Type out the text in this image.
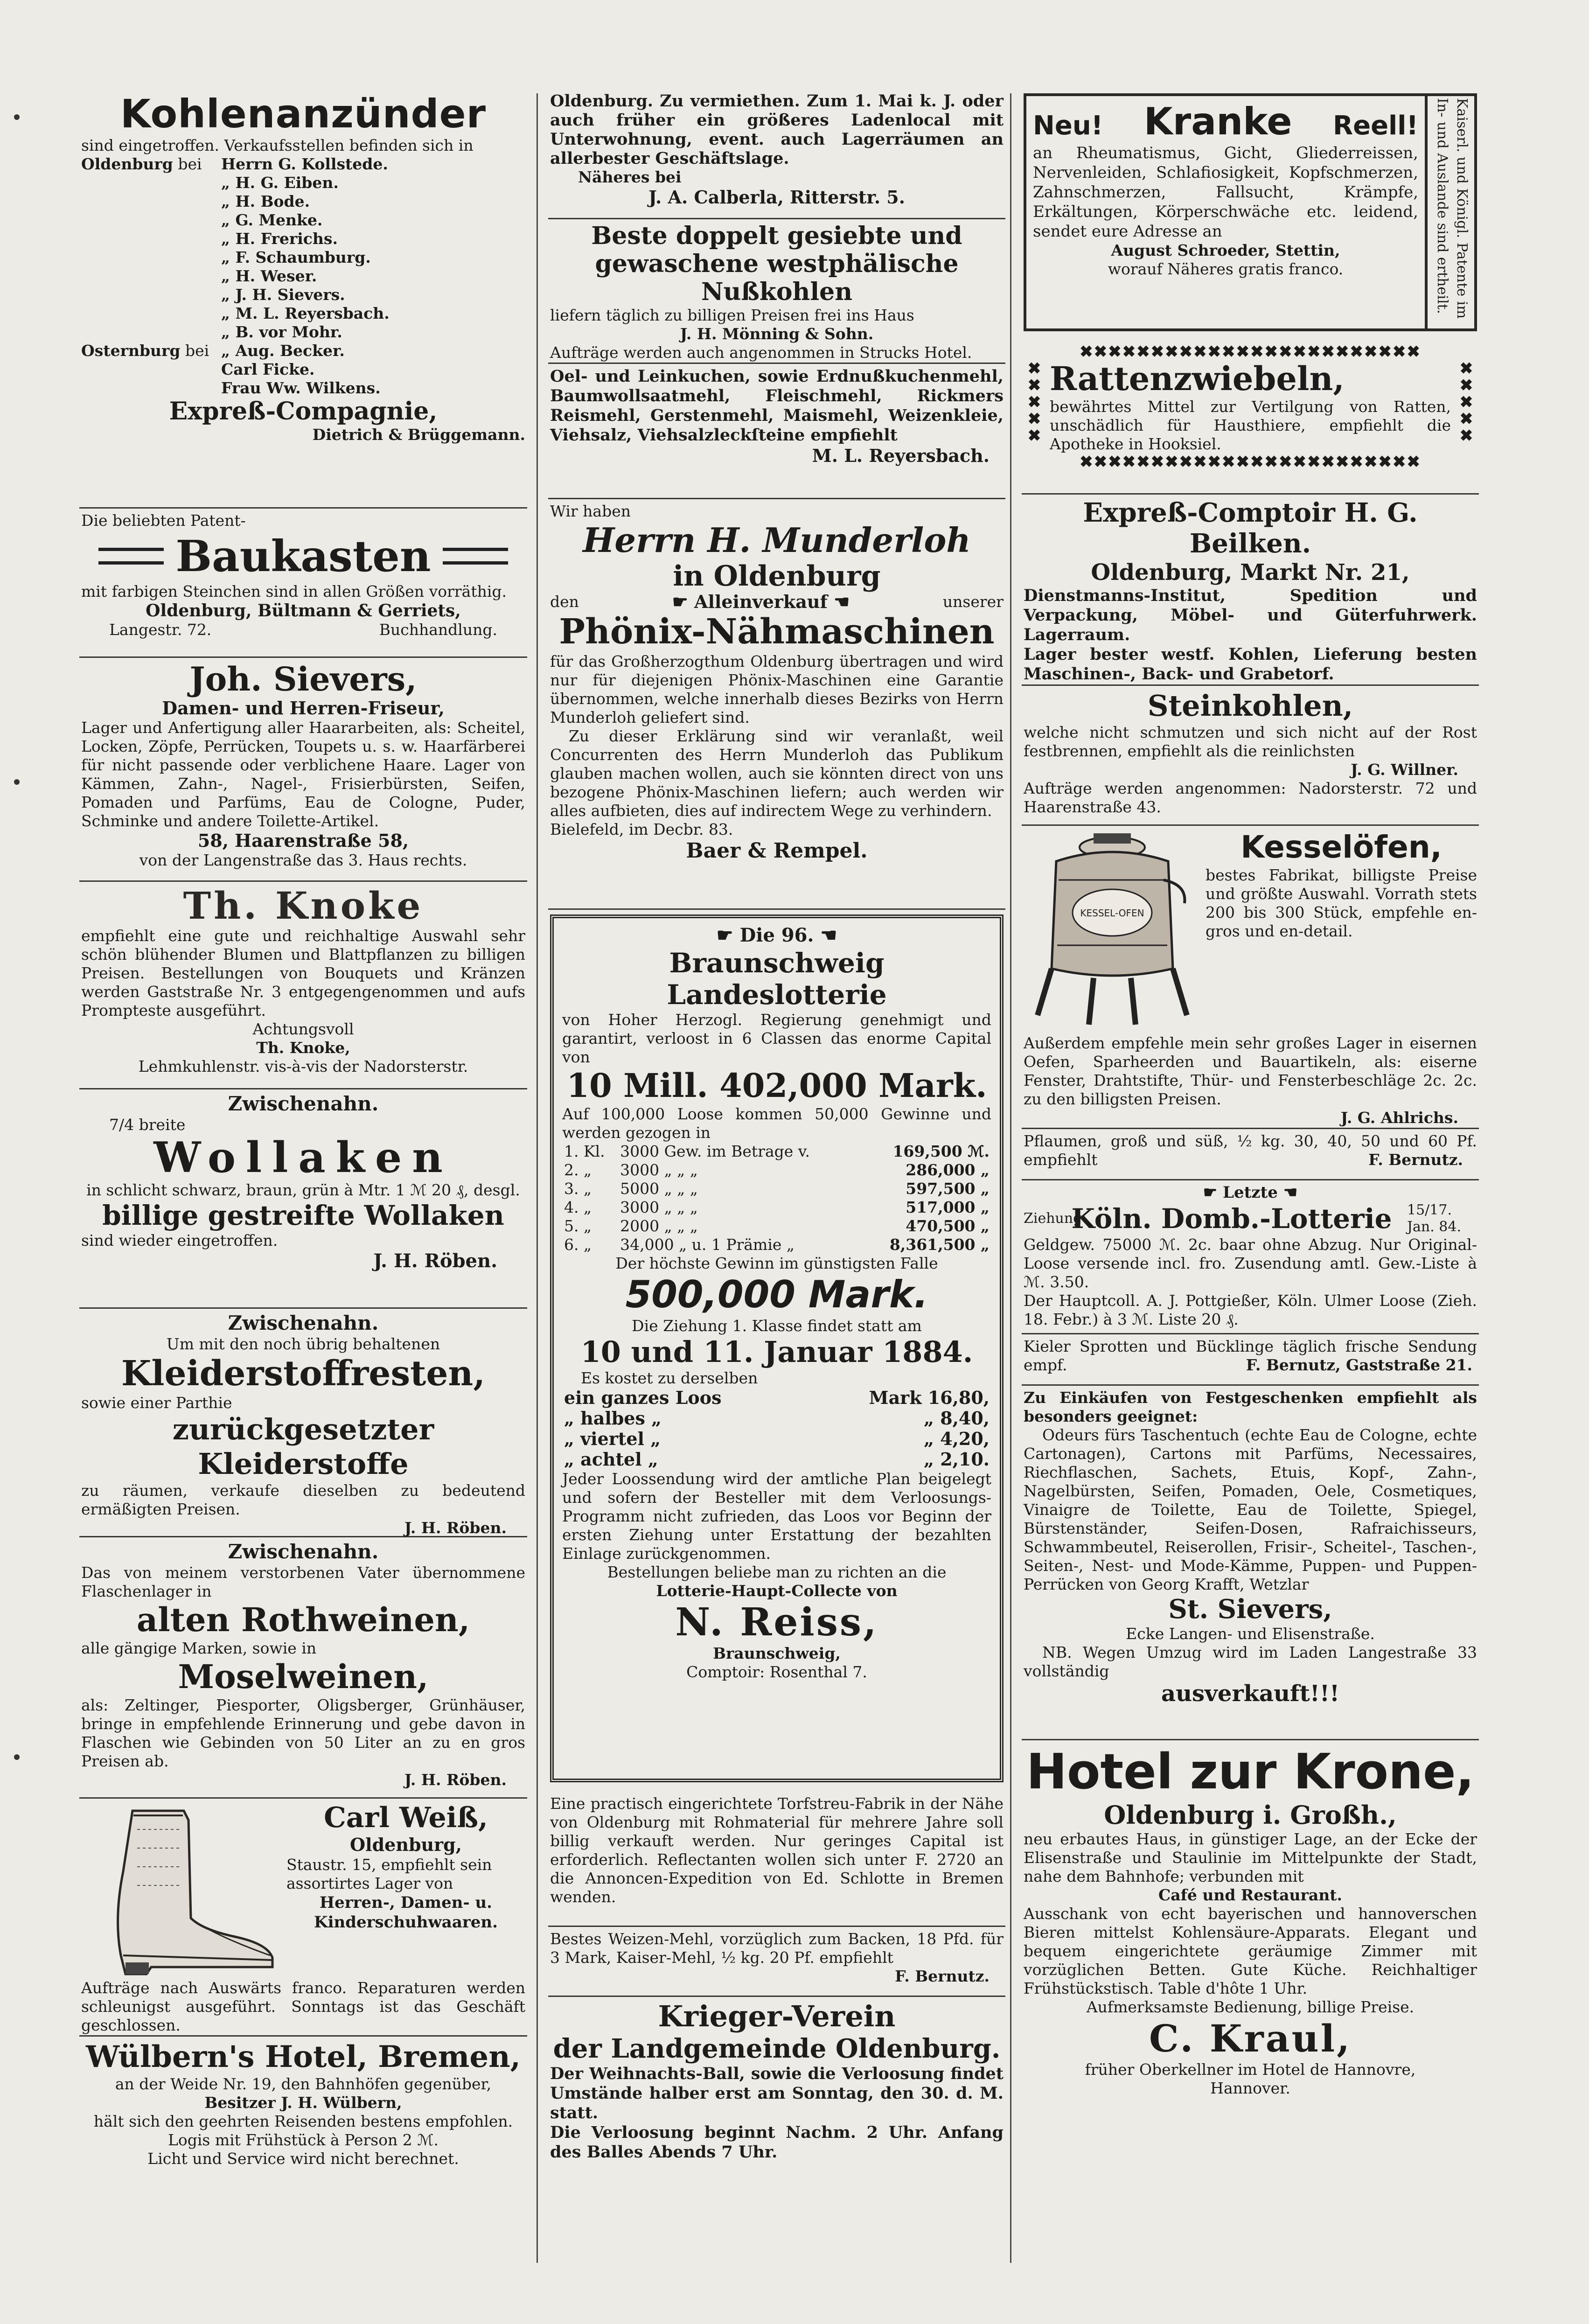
Kohlenanzünder

sind eingetroffen. Verkaufsstellen befinden sich in

Oldenburg bei	Herrn G. Kollstede.

„ H. G. Eiben.

„ H. Bode.

„ G. Menke.

„ H. Frerichs.

„ F. Schaumburg.

„ H. Weser.

„ J. H. Sievers.

„ M. L. Reyersbach.

„ B. vor Mohr.

Osternburg bei „ Aug. Becker.

Carl Ficke.

Frau Ww. Wilkens.

Expreß-Compagnie,

Dietrich & Brüggemann.

Die beliebten Patent-

Baukasten

mit farbigen Steinchen sind in allen Größen vorräthig.

Oldenburg, Bültmann & Gerriets,

Langestr. 72.	Buchhandlung.

Joh. Sievers,

Damen- und Herren-Friseur,

Lager und Anfertigung aller Haararbeiten, als: Scheitel, Locken, Zöpfe, Perrücken, Toupets u. s. w. Haarfärberei für nicht passende oder verblichene Haare. Lager von Kämmen, Zahn-, Nagel-, Frisierbürsten, Seifen, Pomaden und Parfüms, Eau de Cologne, Puder, Schminke und andere Toilette-Artikel.

58, Haarenstraße 58,

von der Langenstraße das 3. Haus rechts.

Th. Knoke

empfiehlt eine gute und reichhaltige Auswahl sehr schön blühender Blumen und Blattpflanzen zu billigen Preisen. Bestellungen von Bouquets und Kränzen werden Gaststraße Nr. 3 entgegengenommen und aufs Prompteste ausgeführt.

Achtungsvoll

Th. Knoke,

Lehmkuhlenstr. vis-à-vis der Nadorsterstr.

Zwischenahn.

7/4 breite

Wollaken

in schlicht schwarz, braun, grün à Mtr. 1 ℳ 20 ₰, desgl.

billige gestreifte Wollaken

sind wieder eingetroffen.

J. H. Röben.

Zwischenahn.

Um mit den noch übrig behaltenen

Kleiderstoffresten,

sowie einer Parthie

zurückgesetzter Kleiderstoffe

zu räumen, verkaufe dieselben zu bedeutend ermäßigten Preisen.

J. H. Röben.

Zwischenahn.

Das von meinem verstorbenen Vater übernommene Flaschenlager in

alten Rothweinen,

alle gängige Marken, sowie in

Moselweinen,

als: Zeltinger, Piesporter, Oligsberger, Grünhäuser, bringe in empfehlende Erinnerung und gebe davon in Flaschen wie Gebinden von 50 Liter an zu en gros Preisen ab.

J. H. Röben.

Carl Weiß,

Oldenburg,

Staustr. 15, empfiehlt sein assortirtes Lager von

Herren-, Damen- u. Kinderschuhwaaren.

Aufträge nach Auswärts franco. Reparaturen werden schleunigst ausgeführt. Sonntags ist das Geschäft geschlossen.

Wülbern's Hotel, Bremen,

an der Weide Nr. 19, den Bahnhöfen gegenüber,

Besitzer J. H. Wülbern,

hält sich den geehrten Reisenden bestens empfohlen.

Logis mit Frühstück à Person 2 ℳ.

Licht und Service wird nicht berechnet.

Oldenburg. Zu vermiethen. Zum 1. Mai k. J. oder auch früher ein größeres Ladenlocal mit Unterwohnung, event. auch Lagerräumen an allerbester Geschäftslage.

Näheres bei

J. A. Calberla, Ritterstr. 5.

Beste doppelt gesiebte und gewaschene westphälische Nußkohlen

liefern täglich zu billigen Preisen frei ins Haus

J. H. Mönning & Sohn.

Aufträge werden auch angenommen in Strucks Hotel.

Oel- und Leinkuchen, sowie Erdnußkuchenmehl, Baumwollsaatmehl, Fleischmehl, Rickmers Reismehl, Gerstenmehl, Maismehl, Weizenkleie, Viehsalz, Viehsalzleckſteine empfiehlt

M. L. Reyersbach.

Wir haben

Herrn H. Munderloh

in Oldenburg

den	☛ Alleinverkauf ☚	unserer

Phönix-Nähmaschinen

für das Großherzogthum Oldenburg übertragen und wird nur für diejenigen Phönix-Maschinen eine Garantie übernommen, welche innerhalb dieses Bezirks von Herrn Munderloh geliefert sind.

Zu dieser Erklärung sind wir veranlaßt, weil Concurrenten des Herrn Munderloh das Publikum glauben machen wollen, auch sie könnten direct von uns bezogene Phönix-Maschinen liefern; auch werden wir alles aufbieten, dies auf indirectem Wege zu verhindern.

Bielefeld, im Decbr. 83.

Baer & Rempel.

☛ Die 96. ☚

Braunschweig Landeslotterie

von Hoher Herzogl. Regierung genehmigt und garantirt, verloost in 6 Classen das enorme Capital von

10 Mill. 402,000 Mark.

Auf 100,000 Loose kommen 50,000 Gewinne und werden gezogen in

1. Kl.	3000 Gew. im Betrage v.	169,500 ℳ.
2. „	3000 „ „ „	286,000 „
3. „	5000 „ „ „	597,500 „
4. „	3000 „ „ „	517,000 „
5. „	2000 „ „ „	470,500 „
6. „	34,000 „ u. 1 Prämie „	8,361,500 „

Der höchste Gewinn im günstigsten Falle

500,000 Mark.

Die Ziehung 1. Klasse findet statt am

10 und 11. Januar 1884.

Es kostet zu derselben

ein ganzes Loos	Mark 16,80,
„ halbes „	„ 8,40,
„ viertel „	„ 4,20,
„ achtel „	„ 2,10.

Jeder Loossendung wird der amtliche Plan beigelegt und sofern der Besteller mit dem Verloosungs-Programm nicht zufrieden, das Loos vor Beginn der ersten Ziehung unter Erstattung der bezahlten Einlage zurückgenommen.

Bestellungen beliebe man zu richten an die

Lotterie-Haupt-Collecte von

N. Reiss,

Braunschweig,

Comptoir: Rosenthal 7.

Eine practisch eingerichtete Torfstreu-Fabrik in der Nähe von Oldenburg mit Rohmaterial für mehrere Jahre soll billig verkauft werden. Nur geringes Capital ist erforderlich. Reflectanten wollen sich unter F. 2720 an die Annoncen-Expedition von Ed. Schlotte in Bremen wenden.

Bestes Weizen-Mehl, vorzüglich zum Backen, 18 Pfd. für 3 Mark, Kaiser-Mehl, ½ kg. 20 Pf. empfiehlt

F. Bernutz.

Krieger-Verein

der Landgemeinde Oldenburg.

Der Weihnachts-Ball, sowie die Verloosung findet Umstände halber erst am Sonntag, den 30. d. M. statt.

Die Verloosung beginnt Nachm. 2 Uhr. Anfang des Balles Abends 7 Uhr.

Neu! Kranke Reell!

an Rheumatismus, Gicht, Gliederreissen, Nervenleiden, Schlafiosigkeit, Kopfschmerzen, Zahnschmerzen, Fallsucht, Krämpfe, Erkältungen, Körperschwäche etc. leidend, sendet eure Adresse an

August Schroeder, Stettin,

worauf Näheres gratis franco.	Kaiserl. und Königl. Patente im In- und Auslande sind ertheilt.

✖✖✖✖✖✖✖✖✖✖✖✖✖✖✖✖✖✖✖✖✖✖✖✖

✖
✖
✖
✖
✖

Rattenzwiebeln,

bewährtes Mittel zur Vertilgung von Ratten, unschädlich für Hausthiere, empfiehlt die Apotheke in Hooksiel.

✖
✖
✖
✖
✖

✖✖✖✖✖✖✖✖✖✖✖✖✖✖✖✖✖✖✖✖✖✖✖✖

Expreß-Comptoir H. G. Beilken.

Oldenburg, Markt Nr. 21,

Dienstmanns-Institut, Spedition und Verpackung, Möbel- und Güterfuhrwerk. Lagerraum.

Lager bester westf. Kohlen, Lieferung besten Maschinen-, Back- und Grabetorf.

Steinkohlen,

welche nicht schmutzen und sich nicht auf der Rost festbrennen, empfiehlt als die reinlichsten

J. G. Willner.

Aufträge werden angenommen: Nadorsterstr. 72 und Haarenstraße 43.

KESSEL-OFEN

Kesselöfen,

bestes Fabrikat, billigste Preise und größte Auswahl. Vorrath stets 200 bis 300 Stück, empfehle en-gros und en-detail.

Außerdem empfehle mein sehr großes Lager in eisernen Oefen, Sparheerden und Bauartikeln, als: eiserne Fenster, Drahtstifte, Thür- und Fensterbeschläge 2c. 2c. zu den billigsten Preisen.

J. G. Ahlrichs.

Pflaumen, groß und süß, ½ kg. 30, 40, 50 und 60 Pf. empfiehlt	F. Bernutz.

☛ Letzte ☚

Ziehung
Köln. Domb.-Lotterie	15/17. Jan. 84.

Geldgew. 75000 ℳ. 2c. baar ohne Abzug. Nur Original-Loose versende incl. fro. Zusendung amtl. Gew.-Liste à ℳ. 3.50.

Der Hauptcoll. A. J. Pottgießer, Köln. Ulmer Loose (Zieh. 18. Febr.) à 3 ℳ. Liste 20 ₰.

Kieler Sprotten und Bücklinge täglich frische Sendung empf.	F. Bernutz, Gaststraße 21.

Zu Einkäufen von Festgeschenken empfiehlt als besonders geeignet:

Odeurs fürs Taschentuch (echte Eau de Cologne, echte Cartonagen), Cartons mit Parfüms, Necessaires, Riechflaschen, Sachets, Etuis, Kopf-, Zahn-, Nagelbürsten, Seifen, Pomaden, Oele, Cosmetiques, Vinaigre de Toilette, Eau de Toilette, Spiegel, Bürstenständer, Seifen-Dosen, Rafraichisseurs, Schwammbeutel, Reiserollen, Frisir-, Scheitel-, Taschen-, Seiten-, Nest- und Mode-Kämme, Puppen- und Puppen-Perrücken von Georg Krafft, Wetzlar

St. Sievers,

Ecke Langen- und Elisenstraße.

NB. Wegen Umzug wird im Laden Langestraße 33 vollständig

ausverkauft!!!

Hotel zur Krone,

Oldenburg i. Großh.,

neu erbautes Haus, in günstiger Lage, an der Ecke der Elisenstraße und Staulinie im Mittelpunkte der Stadt, nahe dem Bahnhofe; verbunden mit

Café und Restaurant.

Ausschank von echt bayerischen und hannoverschen Bieren mittelst Kohlensäure-Apparats. Elegant und bequem eingerichtete geräumige Zimmer mit vorzüglichen Betten. Gute Küche. Reichhaltiger Frühstückstisch. Table d'hôte 1 Uhr.

Aufmerksamste Bedienung, billige Preise.

C. Kraul,

früher Oberkellner im Hotel de Hannovre,

Hannover.
